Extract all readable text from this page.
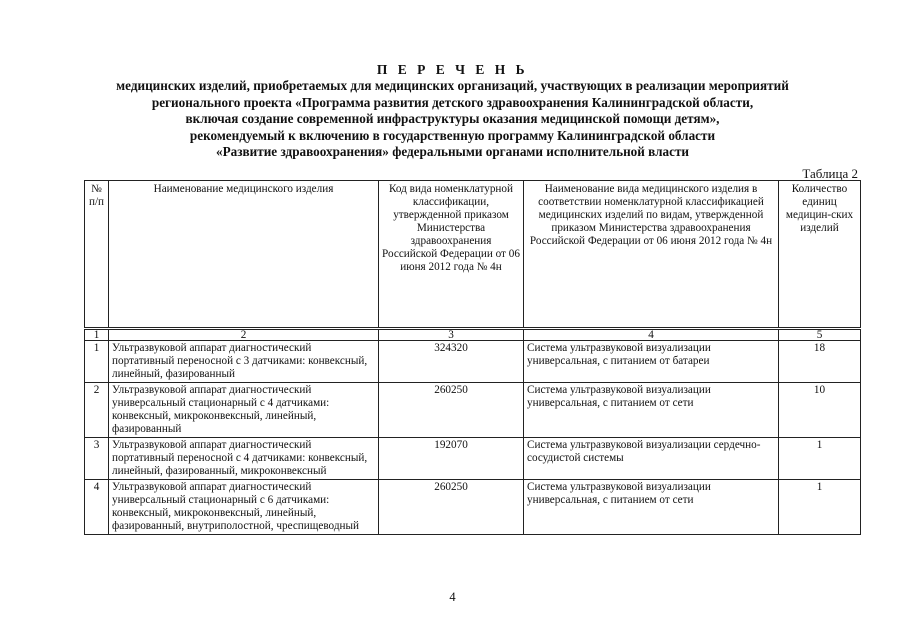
П Е Р Е Ч Е Н Ь
медицинских изделий, приобретаемых для медицинских организаций, участвующих в реализации мероприятий
регионального проекта «Программа развития детского здравоохранения Калининградской области,
включая создание современной инфраструктуры оказания медицинской помощи детям»,
рекомендуемый к включению в государственную программу Калининградской области
«Развитие здравоохранения» федеральными органами исполнительной власти
Таблица 2
№ п/п	Наименование медицинского изделия	Код вида номенклатурной классификации, утвержденной приказом Министерства здравоохранения Российской Федерации от 06 июня 2012 года № 4н	Наименование вида медицинского изделия в соответствии номенклатурной классификацией медицинских изделий по видам, утвержденной приказом Министерства здравоохранения Российской Федерации от 06 июня 2012 года № 4н	Количество единиц медицин-ских изделий
1	2	3	4	5
1	Ультразвуковой аппарат диагностический портативный переносной с 3 датчиками: конвексный, линейный, фазированный	324320	Система ультразвуковой визуализации универсальная, с питанием от батареи	18
2	Ультразвуковой аппарат диагностический универсальный стационарный с 4 датчиками: конвексный, микроконвексный, линейный, фазированный	260250	Система ультразвуковой визуализации универсальная, с питанием от сети	10
3	Ультразвуковой аппарат диагностический портативный переносной с 4 датчиками: конвексный, линейный, фазированный, микроконвексный	192070	Система ультразвуковой визуализации сердечно-сосудистой системы	1
4	Ультразвуковой аппарат диагностический универсальный стационарный с 6 датчиками: конвексный, микроконвексный, линейный, фазированный, внутриполостной, чреспищеводный	260250	Система ультразвуковой визуализации универсальная, с питанием от сети	1
4
